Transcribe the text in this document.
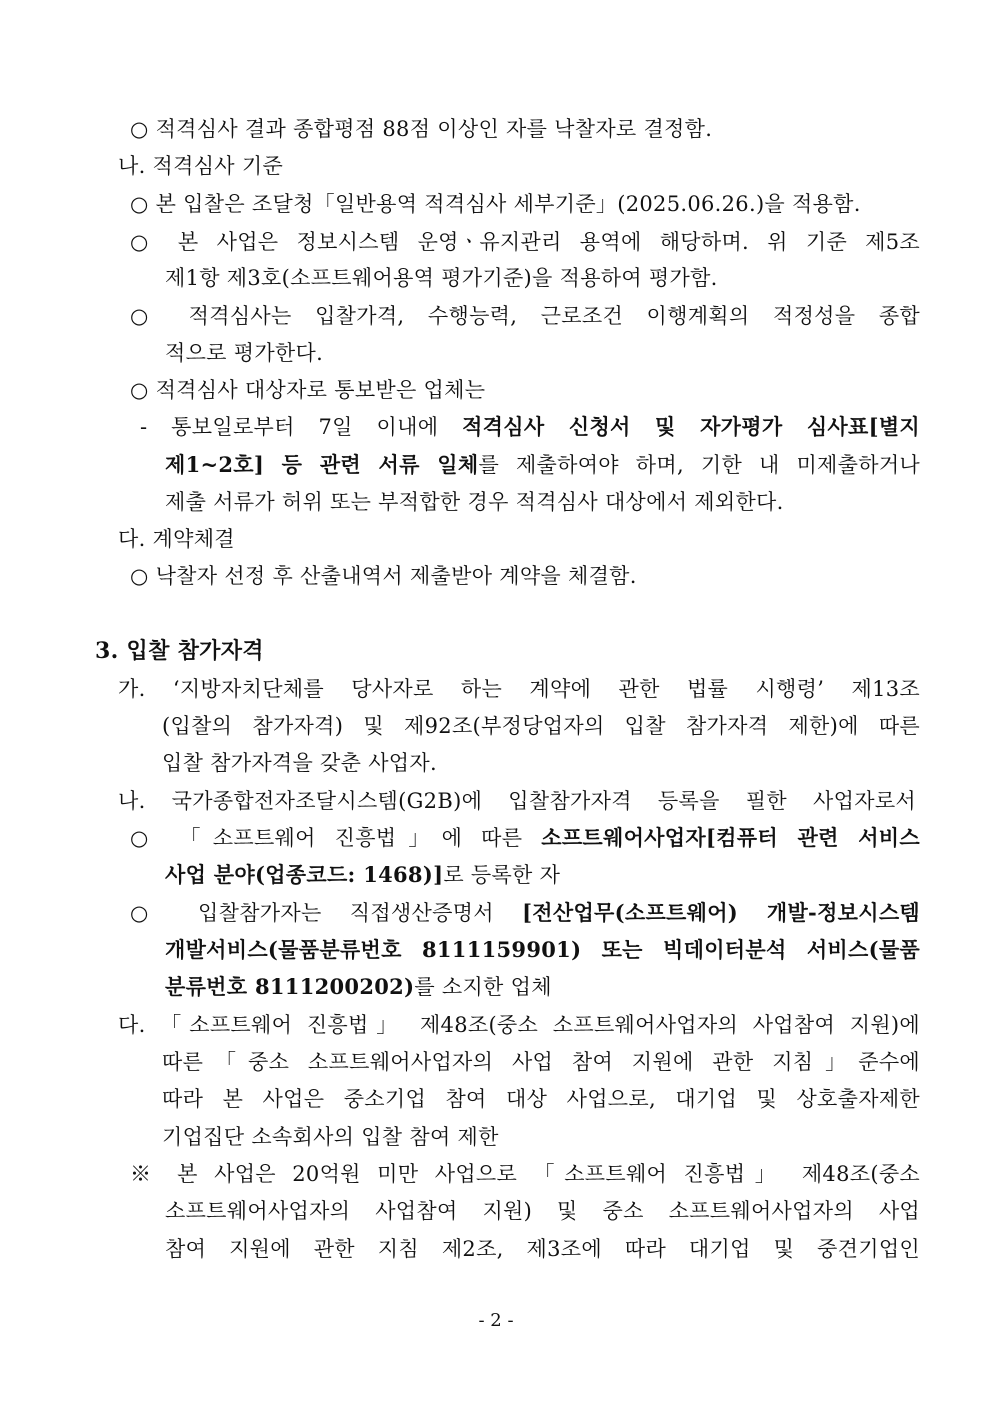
○ 적격심사 결과 종합평점 88점 이상인 자를 낙찰자로 결정함.
나. 적격심사 기준
○ 본 입찰은 조달청「일반용역 적격심사 세부기준」(2025.06.26.)을 적용함.
○ 본 사업은 정보시스템 운영ㆍ유지관리 용역에 해당하며. 위 기준 제5조
제1항 제3호(소프트웨어용역 평가기준)을 적용하여 평가함.
○ 적격심사는 입찰가격, 수행능력, 근로조건 이행계획의 적정성을 종합
적으로 평가한다.
○ 적격심사 대상자로 통보받은 업체는
- 통보일로부터 7일 이내에 적격심사 신청서 및 자가평가 심사표[별지
제1~2호] 등 관련 서류 일체를 제출하여야 하며, 기한 내 미제출하거나
제출 서류가 허위 또는 부적합한 경우 적격심사 대상에서 제외한다.
다. 계약체결
○ 낙찰자 선정 후 산출내역서 제출받아 계약을 체결함.
3. 입찰 참가자격
가. ‘지방자치단체를 당사자로 하는 계약에 관한 법률 시행령’ 제13조
(입찰의 참가자격) 및 제92조(부정당업자의 입찰 참가자격 제한)에 따른
입찰 참가자격을 갖춘 사업자.
나. 국가종합전자조달시스템(G2B)에 입찰참가자격 등록을 필한 사업자로서
○ 「소프트웨어 진흥법」에 따른 소프트웨어사업자[컴퓨터 관련 서비스
사업 분야(업종코드: 1468)]로 등록한 자
○ 입찰참가자는 직접생산증명서 [전산업무(소프트웨어) 개발-정보시스템
개발서비스(물품분류번호 8111159901) 또는 빅데이터분석 서비스(물품
분류번호 8111200202)를 소지한 업체
다. 「소프트웨어 진흥법」 제48조(중소 소프트웨어사업자의 사업참여 지원)에
따른「중소 소프트웨어사업자의 사업 참여 지원에 관한 지침」준수에
따라 본 사업은 중소기업 참여 대상 사업으로, 대기업 및 상호출자제한
기업집단 소속회사의 입찰 참여 제한
※ 본 사업은 20억원 미만 사업으로 「소프트웨어 진흥법」 제48조(중소
소프트웨어사업자의 사업참여 지원) 및 중소 소프트웨어사업자의 사업
참여 지원에 관한 지침 제2조, 제3조에 따라 대기업 및 중견기업인
- 2 -
